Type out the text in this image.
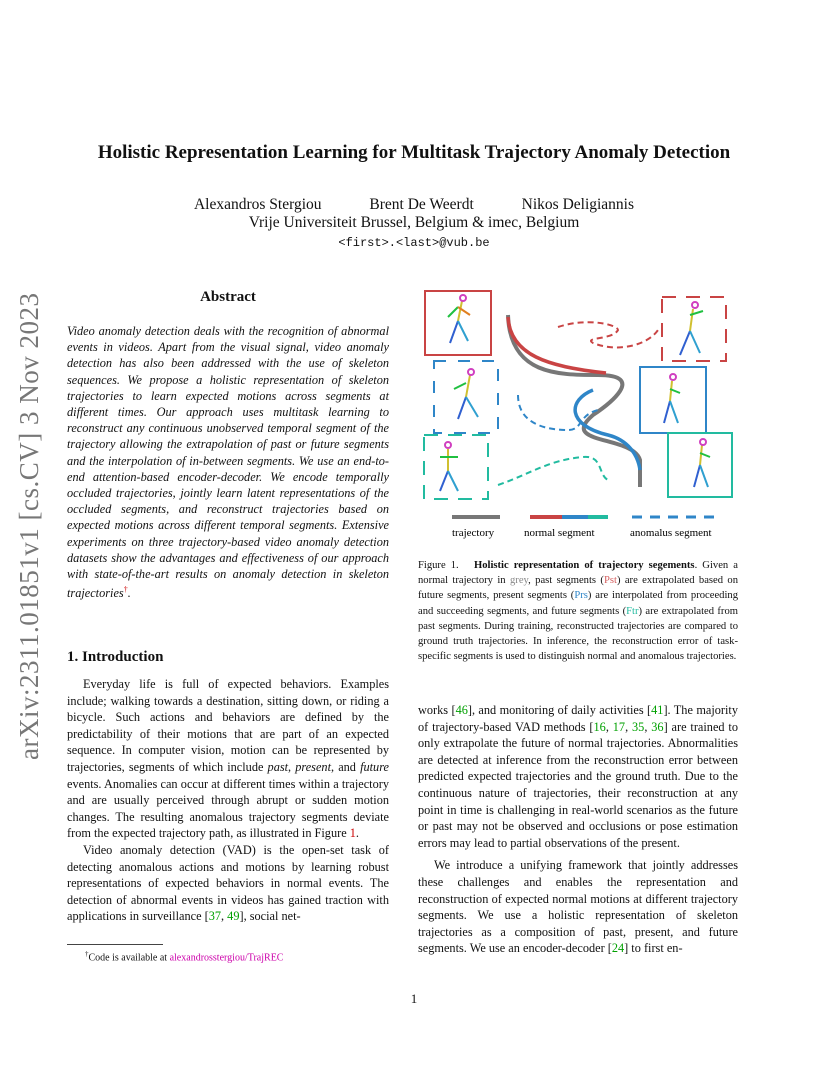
Holistic Representation Learning for Multitask Trajectory Anomaly Detection
Alexandros Stergiou	Brent De Weerdt	Nikos Deligiannis
Vrije Universiteit Brussel, Belgium & imec, Belgium
<first>.<last>@vub.be
arXiv:2311.01851v1 [cs.CV] 3 Nov 2023	Abstract
Video anomaly detection deals with the recognition of abnormal events in videos. Apart from the visual signal, video anomaly detection has also been addressed with the use of skeleton sequences. We propose a holistic representation of skeleton trajectories to learn expected motions across segments at different times. Our approach uses multitask learning to reconstruct any continuous unobserved temporal segment of the trajectory allowing the extrapolation of past or future segments and the interpolation of in-between segments. We use an end-to-end attention-based encoder-decoder. We encode temporally occluded trajectories, jointly learn latent representations of the occluded segments, and reconstruct trajectories based on expected motions across different temporal segments. Extensive experiments on three trajectory-based video anomaly detection datasets show the advantages and effectiveness of our approach with state-of-the-art results on anomaly detection in skeleton trajectories†.
1. Introduction

Everyday life is full of expected behaviors. Examples include; walking towards a destination, sitting down, or riding a bicycle. Such actions and behaviors are defined by the predictability of their motions that are part of an expected sequence. In computer vision, motion can be represented by trajectories, segments of which include past, present, and future events. Anomalies can occur at different times within a trajectory and are usually perceived through abrupt or sudden motion changes. The resulting anomalous trajectory segments deviate from the expected trajectory path, as illustrated in Figure 1.

Video anomaly detection (VAD) is the open-set task of detecting anomalous actions and motions by learning robust representations of expected behaviors in normal events. The detection of abnormal events in videos has gained traction with applications in surveillance [37, 49], social net-

†Code is available at alexandrosstergiou/TrajREC
trajectory	normal segment	anomalus segment
Figure 1. Holistic representation of trajectory segements. Given a normal trajectory in grey, past segments (Pst) are extrapolated based on future segments, present segments (Prs) are interpolated from proceeding and succeeding segments, and future segments (Ftr) are extrapolated from past segments. During training, reconstructed trajectories are compared to ground truth trajectories. In inference, the reconstruction error of task-specific segments is used to distinguish normal and anomalous trajectories.

works [46], and monitoring of daily activities [41]. The majority of trajectory-based VAD methods [16, 17, 35, 36] are trained to only extrapolate the future of normal trajectories. Abnormalities are detected at inference from the reconstruction error between predicted expected trajectories and the ground truth. Due to the continuous nature of trajectories, their reconstruction at any point in time is challenging in real-world scenarios as the future or past may not be observed and occlusions or pose estimation errors may lead to partial observations of the present.

We introduce a unifying framework that jointly addresses these challenges and enables the representation and reconstruction of expected normal motions at different trajectory segments. We use a holistic representation of skeleton trajectories as a composition of past, present, and future segments. We use an encoder-decoder [24] to first en-

1
